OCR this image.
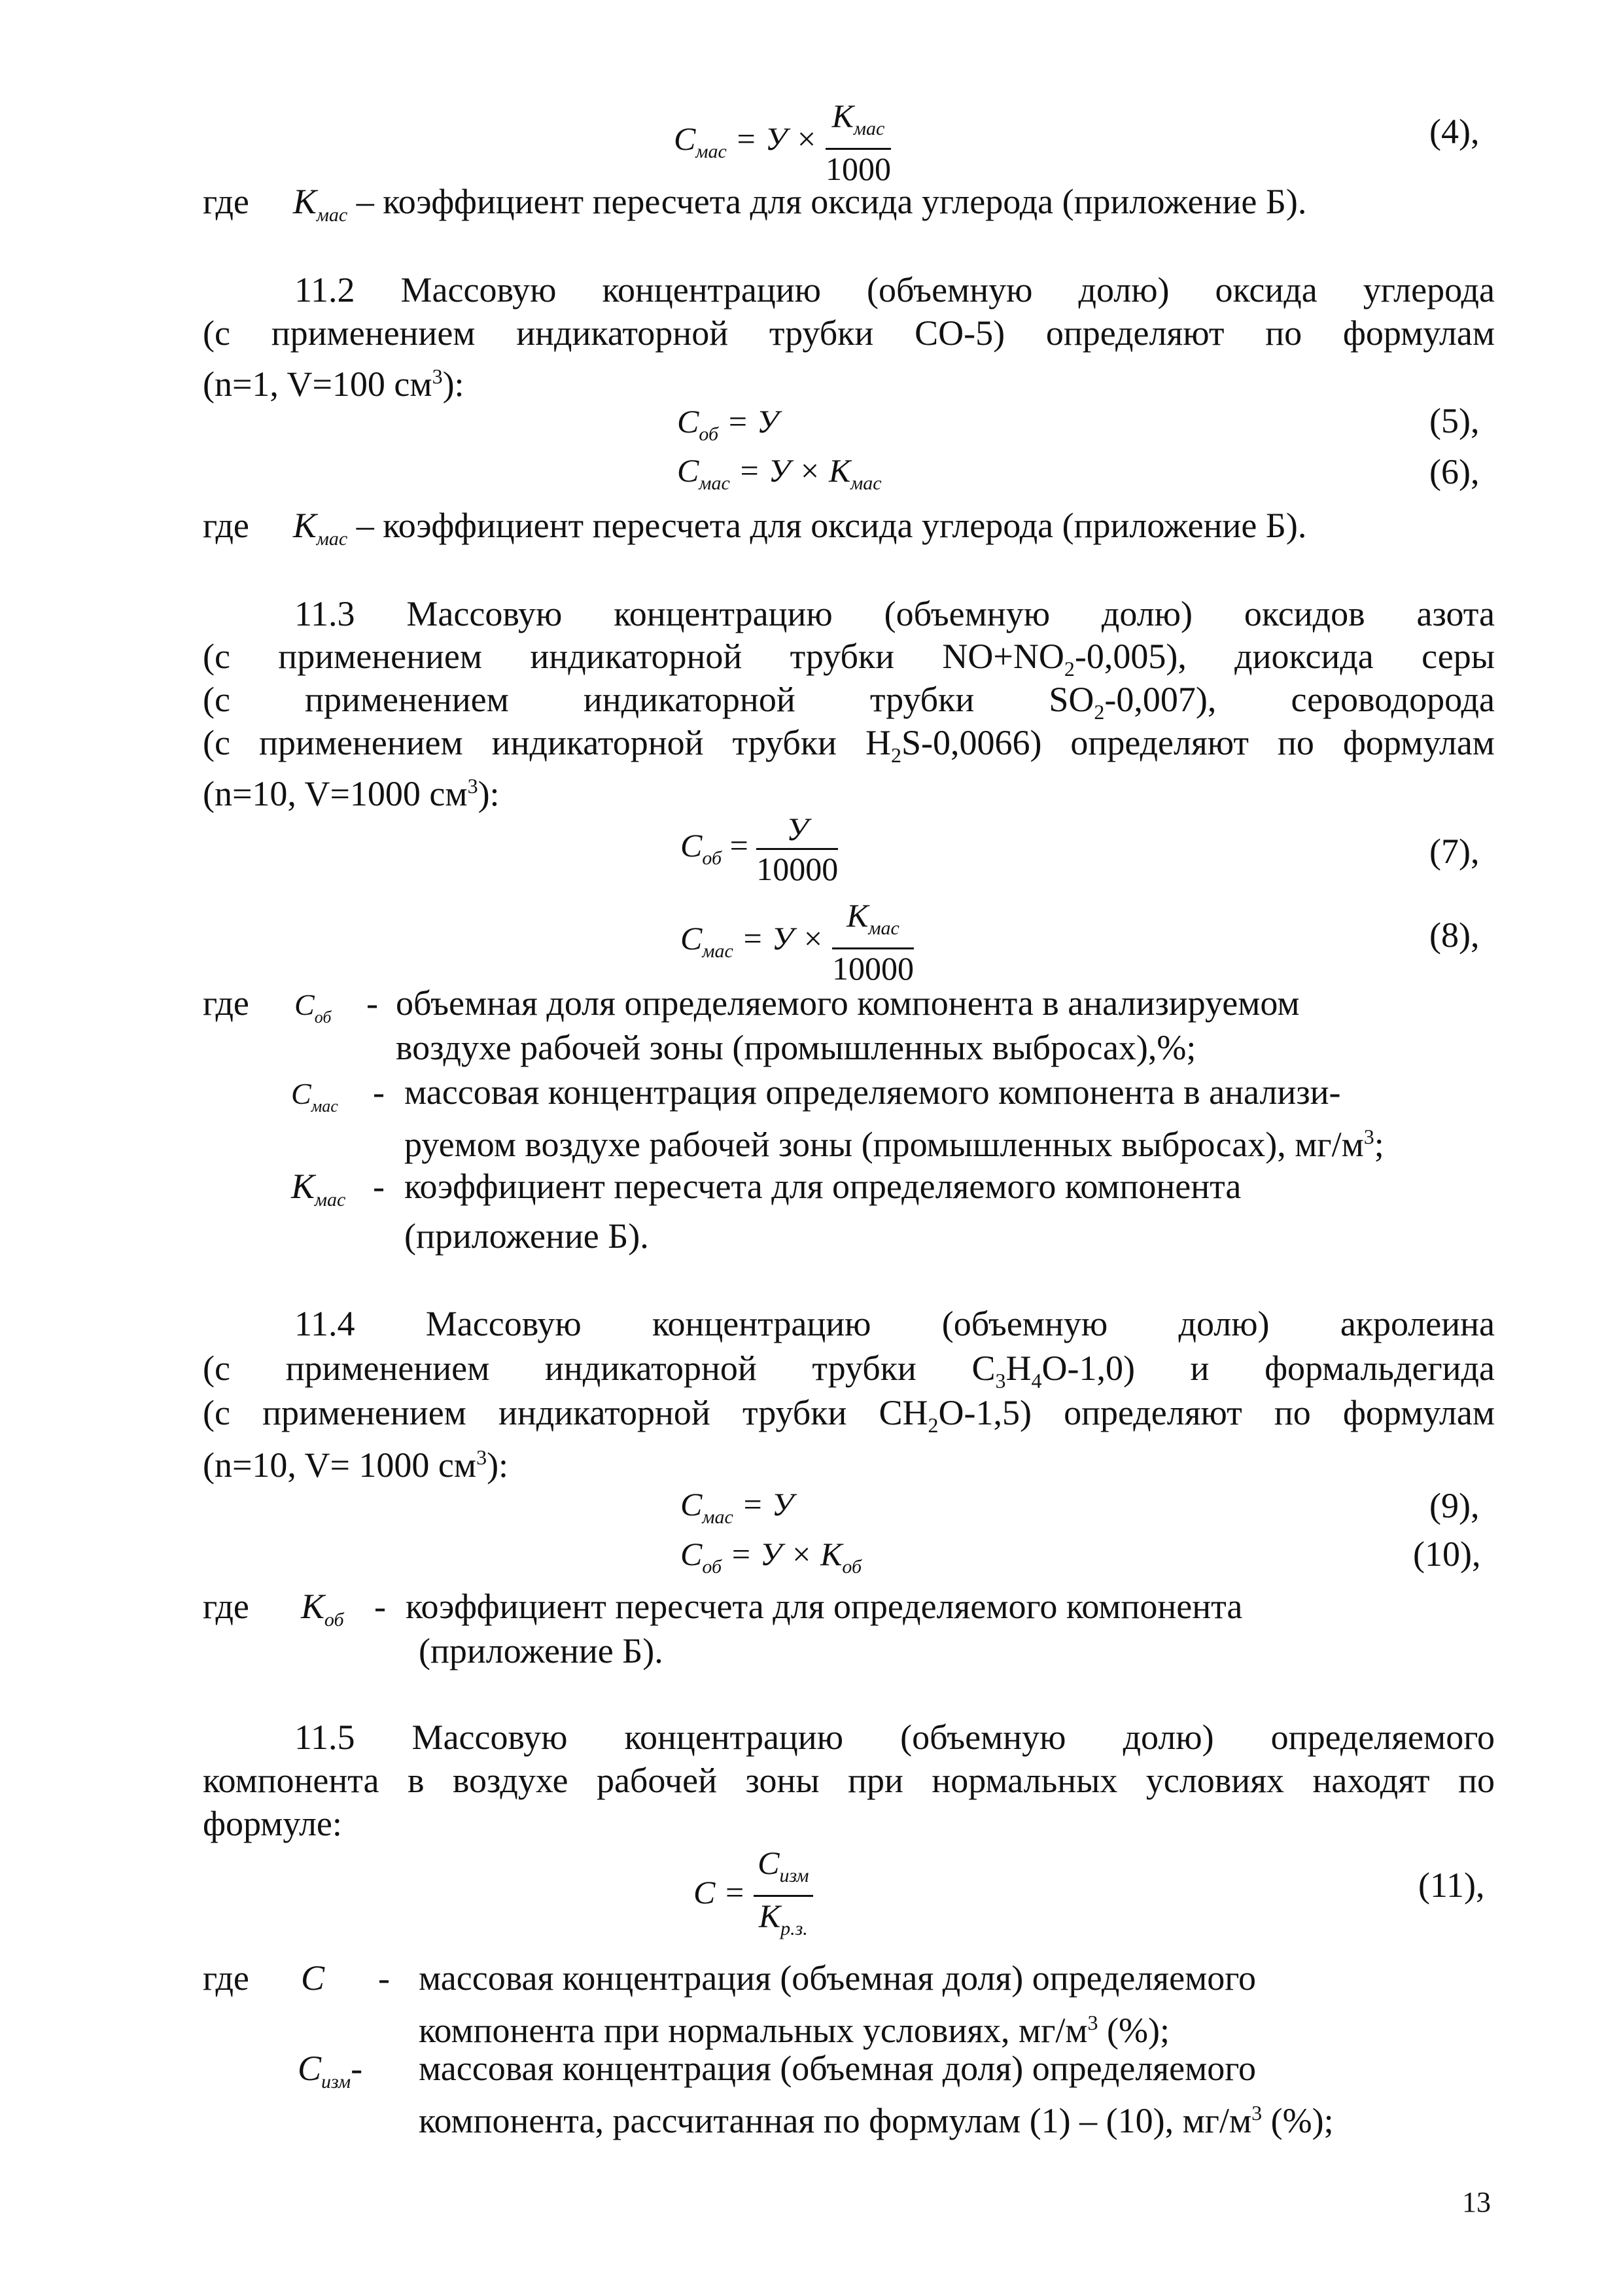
$С_{мас} = У \times \frac{К_{мас}}{1000}$	(4),
где $К_{мас}$ – коэффициент пересчета для оксида углерода (приложение Б).
11.2 Массовую концентрацию (объемную долю) оксида углерода
(с применением индикаторной трубки СО-5) определяют по формулам
(n=1, V=100 $см^3$):
$С_{об} = У$	(5),
$С_{мас} = У \times К_{мас}$	(6),
где $К_{мас}$ – коэффициент пересчета для оксида углерода (приложение Б).
11.3 Массовую концентрацию (объемную долю) оксидов азота
(с применением индикаторной трубки $NO+NO_2-0,005$), диоксида серы
(с применением индикаторной трубки $SO_2-0,007$), сероводорода
(с применением индикаторной трубки $H_2S-0,0066$) определяют по формулам
(n=10, V=1000 $см^3$):
$С_{об} = \frac{У}{10000}$	(7),
$С_{мас} = У \times \frac{К_{мас}}{10000}$	(8),
где $С_{об}$ - объемная доля определяемого компонента в анализируемом
воздухе рабочей зоны (промышленных выбросах),%;
$С_{мас}$ - массовая концентрация определяемого компонента в анализи-
руемом воздухе рабочей зоны (промышленных выбросах), $мг/м^3$;
$К_{мас}$ - коэффициент пересчета для определяемого компонента
(приложение Б).
11.4 Массовую концентрацию (объемную долю) акролеина
(с применением индикаторной трубки $C_3H_4O-1,0$) и формальдегида
(с применением индикаторной трубки $CH_2O-1,5$) определяют по формулам
(n=10, V= 1000 $см^3$):
$С_{мас} = У$	(9),
$С_{об} = У \times К_{об}$	(10),
где $К_{об}$ - коэффициент пересчета для определяемого компонента
(приложение Б).
11.5 Массовую концентрацию (объемную долю) определяемого
компонента в воздухе рабочей зоны при нормальных условиях находят по
формуле:
$С = \frac{С_{изм}}{К_{р.з.}}$	(11),
где С - массовая концентрация (объемная доля) определяемого
компонента при нормальных условиях, $мг/м^3$ (%);
$С_{изм}-$ массовая концентрация (объемная доля) определяемого
компонента, рассчитанная по формулам (1) – (10), $мг/м^3$ (%);
13
